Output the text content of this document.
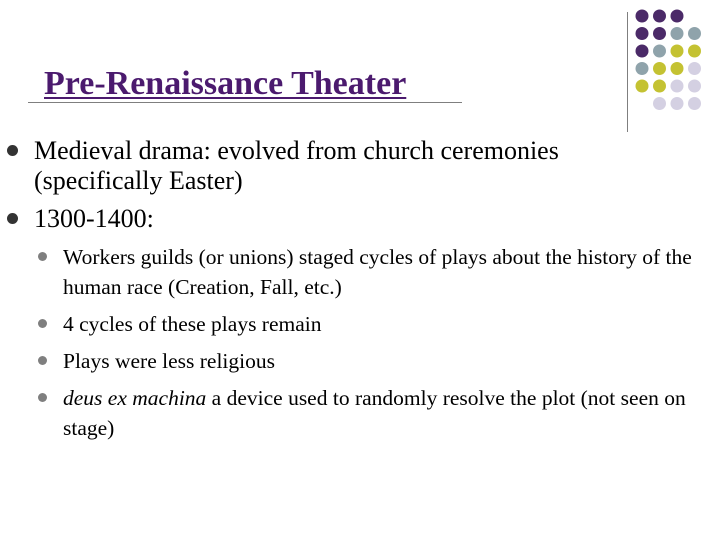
Pre-Renaissance Theater

Medieval drama: evolved from church ceremonies (specifically Easter)

1300-1400:

Workers guilds (or unions) staged cycles of plays about the history of the human race (Creation, Fall, etc.)

4 cycles of these plays remain

Plays were less religious

deus ex machina a device used to randomly resolve the plot (not seen on stage)
